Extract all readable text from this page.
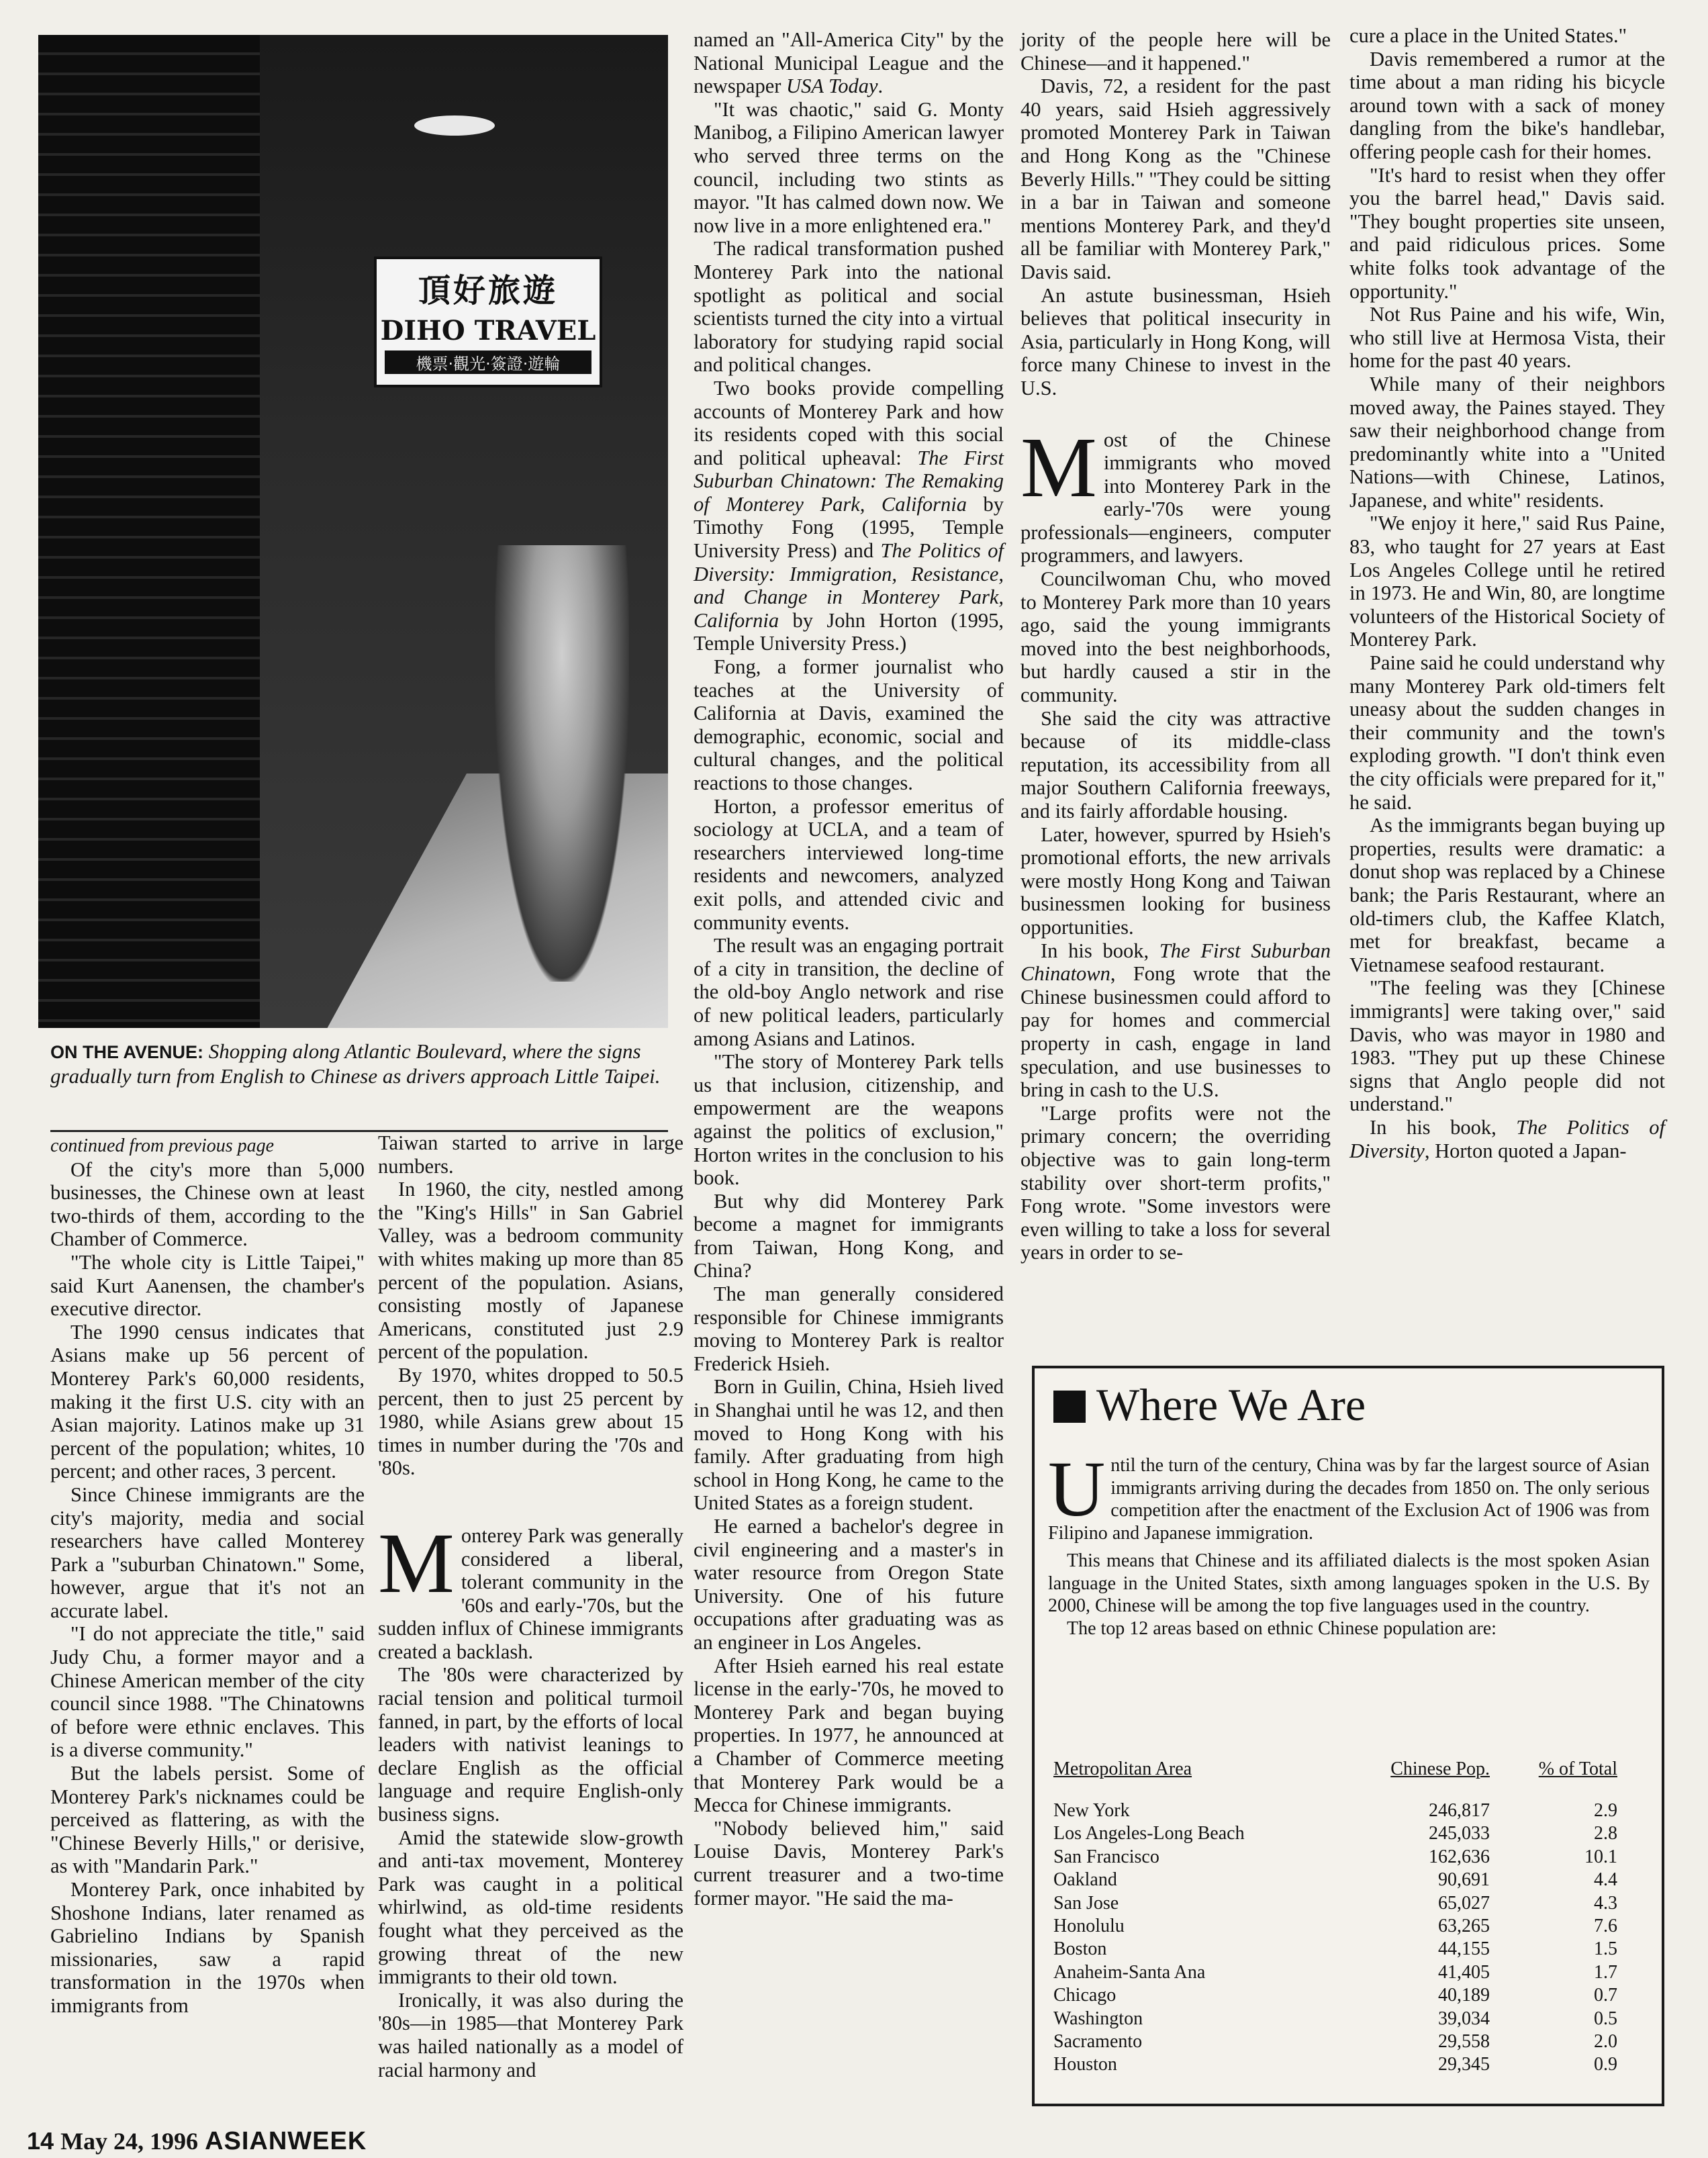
頂好旅遊
DIHO TRAVEL
機票·觀光·簽證·遊輪
ON THE AVENUE: Shopping along Atlantic Boulevard, where the signs gradually turn from English to Chinese as drivers approach Little Taipei.

continued from previous page

Of the city's more than 5,000 businesses, the Chinese own at least two-thirds of them, according to the Chamber of Commerce.

"The whole city is Little Taipei," said Kurt Aanensen, the chamber's executive director.

The 1990 census indicates that Asians make up 56 percent of Monterey Park's 60,000 residents, making it the first U.S. city with an Asian majority. Latinos make up 31 percent of the population; whites, 10 percent; and other races, 3 percent.

Since Chinese immigrants are the city's majority, media and social researchers have called Monterey Park a "suburban Chinatown." Some, however, argue that it's not an accurate label.

"I do not appreciate the title," said Judy Chu, a former mayor and a Chinese American member of the city council since 1988. "The Chinatowns of before were ethnic enclaves. This is a diverse community."

But the labels persist. Some of Monterey Park's nicknames could be perceived as flattering, as with the "Chinese Beverly Hills," or derisive, as with "Mandarin Park."

Monterey Park, once inhabited by Shoshone Indians, later renamed as Gabrielino Indians by Spanish missionaries, saw a rapid transformation in the 1970s when immigrants from

Taiwan started to arrive in large numbers.

In 1960, the city, nestled among the "King's Hills" in San Gabriel Valley, was a bedroom community with whites making up more than 85 percent of the population. Asians, consisting mostly of Japanese Americans, constituted just 2.9 percent of the population.

By 1970, whites dropped to 50.5 percent, then to just 25 percent by 1980, while Asians grew about 15 times in number during the '70s and '80s.

Monterey Park was generally considered a liberal, tolerant community in the '60s and early-'70s, but the sudden influx of Chinese immigrants created a backlash.

The '80s were characterized by racial tension and political turmoil fanned, in part, by the efforts of local leaders with nativist leanings to declare English as the official language and require English-only business signs.

Amid the statewide slow-growth and anti-tax movement, Monterey Park was caught in a political whirlwind, as old-time residents fought what they perceived as the growing threat of the new immigrants to their old town.

Ironically, it was also during the '80s—in 1985—that Monterey Park was hailed nationally as a model of racial harmony and

named an "All-America City" by the National Municipal League and the newspaper USA Today.

"It was chaotic," said G. Monty Manibog, a Filipino American lawyer who served three terms on the council, including two stints as mayor. "It has calmed down now. We now live in a more enlightened era."

The radical transformation pushed Monterey Park into the national spotlight as political and social scientists turned the city into a virtual laboratory for studying rapid social and political changes.

Two books provide compelling accounts of Monterey Park and how its residents coped with this social and political upheaval: The First Suburban Chinatown: The Remaking of Monterey Park, California by Timothy Fong (1995, Temple University Press) and The Politics of Diversity: Immigration, Resistance, and Change in Monterey Park, California by John Horton (1995, Temple University Press.)

Fong, a former journalist who teaches at the University of California at Davis, examined the demographic, economic, social and cultural changes, and the political reactions to those changes.

Horton, a professor emeritus of sociology at UCLA, and a team of researchers interviewed long-time residents and newcomers, analyzed exit polls, and attended civic and community events.

The result was an engaging portrait of a city in transition, the decline of the old-boy Anglo network and rise of new political leaders, particularly among Asians and Latinos.

"The story of Monterey Park tells us that inclusion, citizenship, and empowerment are the weapons against the politics of exclusion," Horton writes in the conclusion to his book.

But why did Monterey Park become a magnet for immigrants from Taiwan, Hong Kong, and China?

The man generally considered responsible for Chinese immigrants moving to Monterey Park is realtor Frederick Hsieh.

Born in Guilin, China, Hsieh lived in Shanghai until he was 12, and then moved to Hong Kong with his family. After graduating from high school in Hong Kong, he came to the United States as a foreign student.

He earned a bachelor's degree in civil engineering and a master's in water resource from Oregon State University. One of his future occupations after graduating was as an engineer in Los Angeles.

After Hsieh earned his real estate license in the early-'70s, he moved to Monterey Park and began buying properties. In 1977, he announced at a Chamber of Commerce meeting that Monterey Park would be a Mecca for Chinese immigrants.

"Nobody believed him," said Louise Davis, Monterey Park's current treasurer and a two-time former mayor. "He said the ma-

jority of the people here will be Chinese—and it happened."

Davis, 72, a resident for the past 40 years, said Hsieh aggressively promoted Monterey Park in Taiwan and Hong Kong as the "Chinese Beverly Hills." "They could be sitting in a bar in Taiwan and someone mentions Monterey Park, and they'd all be familiar with Monterey Park," Davis said.

An astute businessman, Hsieh believes that political insecurity in Asia, particularly in Hong Kong, will force many Chinese to invest in the U.S.

Most of the Chinese immigrants who moved into Monterey Park in the early-'70s were young professionals—engineers, computer programmers, and lawyers.

Councilwoman Chu, who moved to Monterey Park more than 10 years ago, said the young immigrants moved into the best neighborhoods, but hardly caused a stir in the community.

She said the city was attractive because of its middle-class reputation, its accessibility from all major Southern California freeways, and its fairly affordable housing.

Later, however, spurred by Hsieh's promotional efforts, the new arrivals were mostly Hong Kong and Taiwan businessmen looking for business opportunities.

In his book, The First Suburban Chinatown, Fong wrote that the Chinese businessmen could afford to pay for homes and commercial property in cash, engage in land speculation, and use businesses to bring in cash to the U.S.

"Large profits were not the primary concern; the overriding objective was to gain long-term stability over short-term profits," Fong wrote. "Some investors were even willing to take a loss for several years in order to se-

cure a place in the United States."

Davis remembered a rumor at the time about a man riding his bicycle around town with a sack of money dangling from the bike's handlebar, offering people cash for their homes.

"It's hard to resist when they offer you the barrel head," Davis said. "They bought properties site unseen, and paid ridiculous prices. Some white folks took advantage of the opportunity."

Not Rus Paine and his wife, Win, who still live at Hermosa Vista, their home for the past 40 years.

While many of their neighbors moved away, the Paines stayed. They saw their neighborhood change from predominantly white into a "United Nations—with Chinese, Latinos, Japanese, and white" residents.

"We enjoy it here," said Rus Paine, 83, who taught for 27 years at East Los Angeles College until he retired in 1973. He and Win, 80, are longtime volunteers of the Historical Society of Monterey Park.

Paine said he could understand why many Monterey Park old-timers felt uneasy about the sudden changes in their community and the town's exploding growth. "I don't think even the city officials were prepared for it," he said.

As the immigrants began buying up properties, results were dramatic: a donut shop was replaced by a Chinese bank; the Paris Restaurant, where an old-timers club, the Kaffee Klatch, met for breakfast, became a Vietnamese seafood restaurant.

"The feeling was they [Chinese immigrants] were taking over," said Davis, who was mayor in 1980 and 1983. "They put up these Chinese signs that Anglo people did not understand."

In his book, The Politics of Diversity, Horton quoted a Japan-

Where We Are

Until the turn of the century, China was by far the largest source of Asian immigrants arriving during the decades from 1850 on. The only serious competition after the enactment of the Exclusion Act of 1906 was from Filipino and Japanese immigration.

This means that Chinese and its affiliated dialects is the most spoken Asian language in the United States, sixth among languages spoken in the U.S. By 2000, Chinese will be among the top five languages used in the country.

The top 12 areas based on ethnic Chinese population are:

Metropolitan Area	Chinese Pop.	% of Total
New York	246,817	2.9
Los Angeles-Long Beach	245,033	2.8
San Francisco	162,636	10.1
Oakland	90,691	4.4
San Jose	65,027	4.3
Honolulu	63,265	7.6
Boston	44,155	1.5
Anaheim-Santa Ana	41,405	1.7
Chicago	40,189	0.7
Washington	39,034	0.5
Sacramento	29,558	2.0
Houston	29,345	0.9
14 May 24, 1996 ASIANWEEK
